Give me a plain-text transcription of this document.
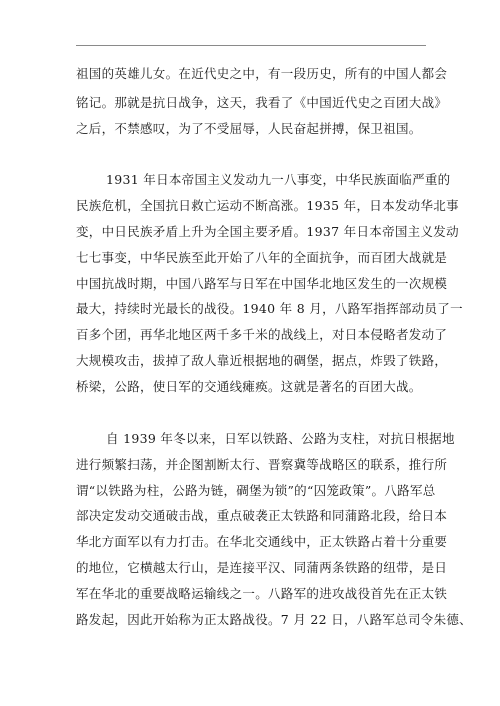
祖国的英雄儿女。在近代史之中，有一段历史，所有的中国人都会
铭记。那就是抗日战争，这天，我看了《中国近代史之百团大战》
之后，不禁感叹，为了不受屈辱，人民奋起拼搏，保卫祖国。
1931 年日本帝国主义发动九一八事变，中华民族面临严重的
民族危机，全国抗日救亡运动不断高涨。1935 年，日本发动华北事
变，中日民族矛盾上升为全国主要矛盾。1937 年日本帝国主义发动
七七事变，中华民族至此开始了八年的全面抗争，而百团大战就是
中国抗战时期，中国八路军与日军在中国华北地区发生的一次规模
最大，持续时光最长的战役。1940 年 8 月，八路军指挥部动员了一
百多个团，再华北地区两千多千米的战线上，对日本侵略者发动了
大规模攻击，拔掉了敌人靠近根据地的碉堡，据点，炸毁了铁路，
桥梁，公路，使日军的交通线瘫痪。这就是著名的百团大战。
自 1939 年冬以来，日军以铁路、公路为支柱，对抗日根据地
进行频繁扫荡，并企图割断太行、晋察冀等战略区的联系，推行所
谓“以铁路为柱，公路为链，碉堡为锁”的“囚笼政策”。八路军总
部决定发动交通破击战，重点破袭正太铁路和同蒲路北段，给日本
华北方面军以有力打击。在华北交通线中，正太铁路占着十分重要
的地位，它横越太行山，是连接平汉、同蒲两条铁路的纽带，是日
军在华北的重要战略运输线之一。八路军的进攻战役首先在正太铁
路发起，因此开始称为正太路战役。7 月 22 日，八路军总司令朱德、
